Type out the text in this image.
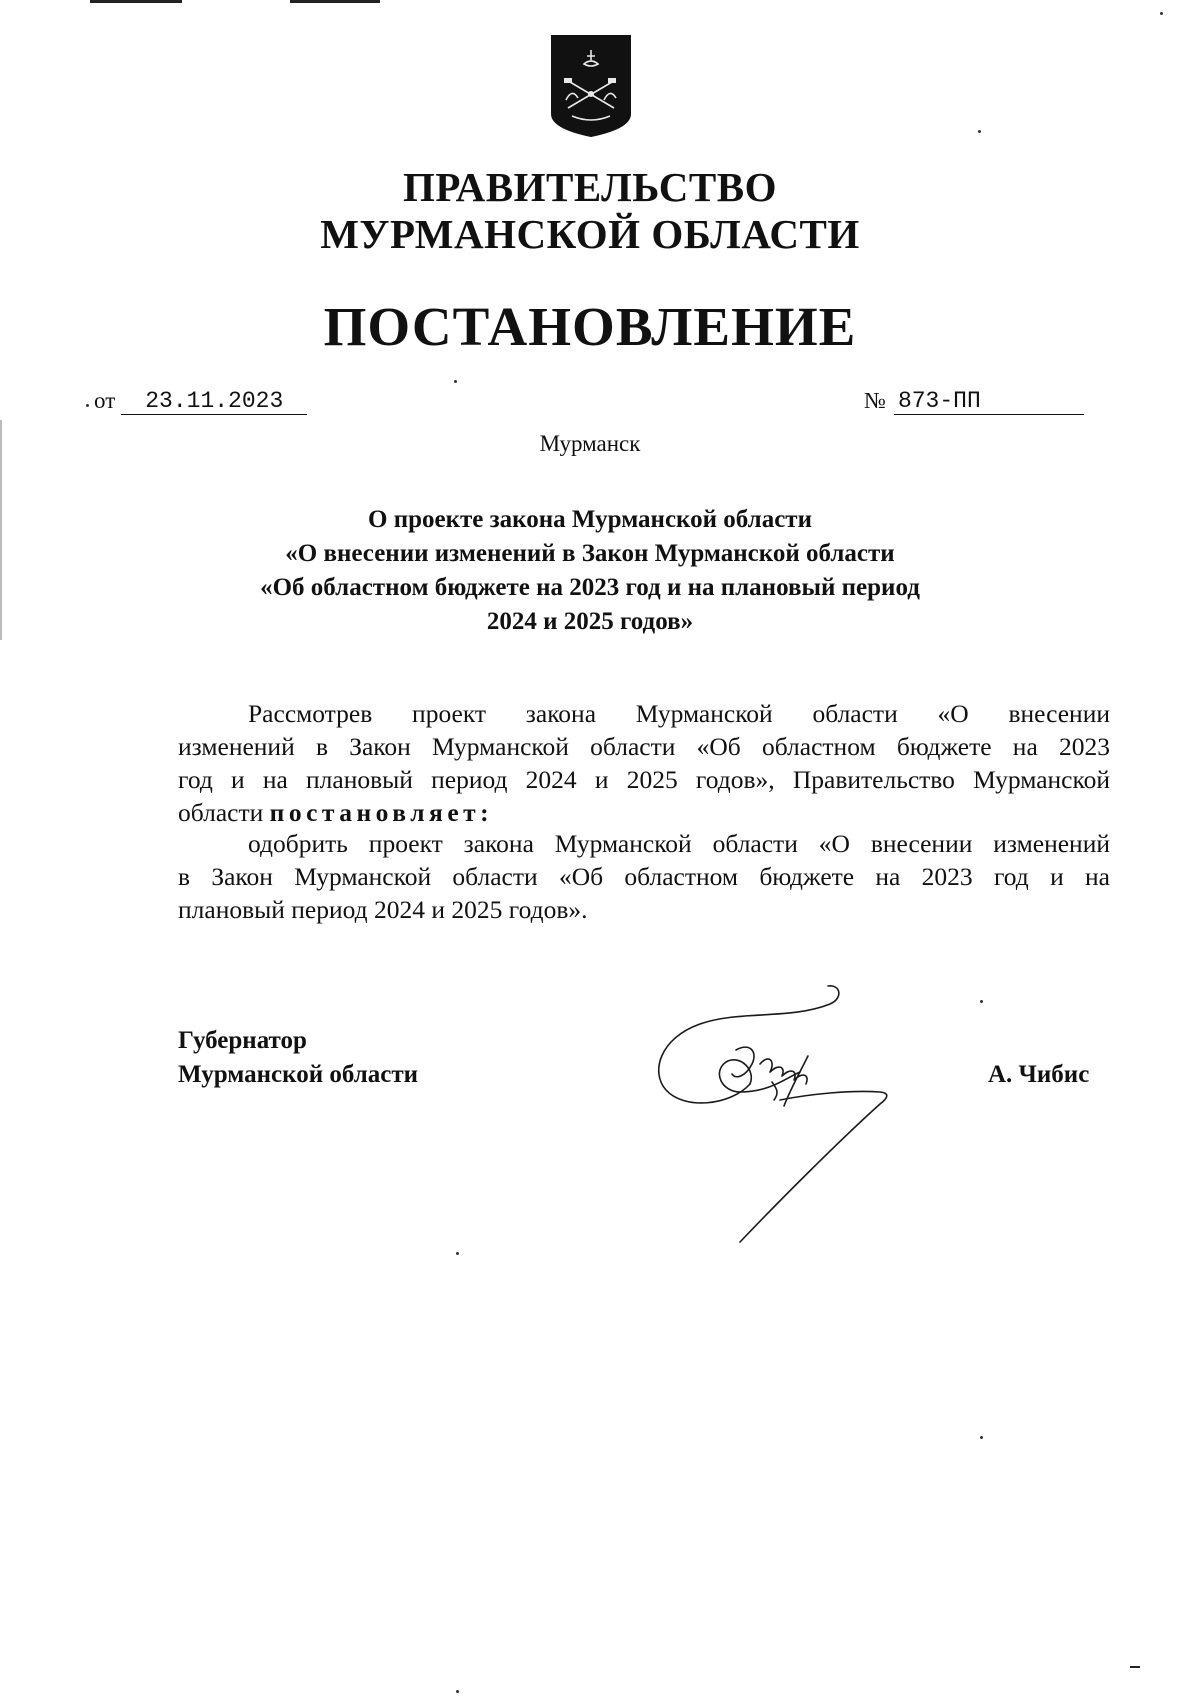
ПРАВИТЕЛЬСТВО
МУРМАНСКОЙ ОБЛАСТИ
ПОСТАНОВЛЕНИЕ
от	23.11.2023	№ 873-ПП
Мурманск
О проекте закона Мурманской области
«О внесении изменений в Закон Мурманской области
«Об областном бюджете на 2023 год и на плановый период
2024 и 2025 годов»
Рассмотрев проект закона Мурманской области «О внесении
изменений в Закон Мурманской области «Об областном бюджете на 2023
год и на плановый период 2024 и 2025 годов», Правительство Мурманской
области постановляет:
одобрить проект закона Мурманской области «О внесении изменений
в Закон Мурманской области «Об областном бюджете на 2023 год и на
плановый период 2024 и 2025 годов».
Губернатор
Мурманской области	А. Чибис
